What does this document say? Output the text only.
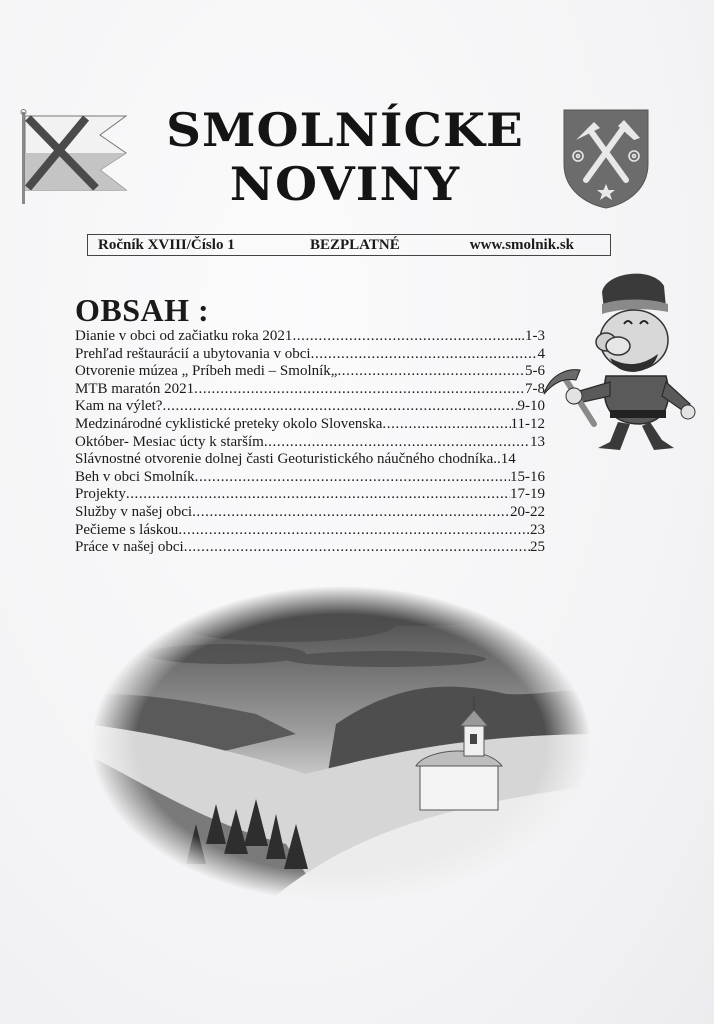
SMOLNÍCKE
NOVINY
Ročník XVIII/Číslo 1	BEZPLATNÉ	www.smolnik.sk
OBSAH :
Dianie v obci od začiatku roka 2021 .....	..1-3
Prehľad reštaurácií a ubytovania v obci .....	4
Otvorenie múzea „ Príbeh medi – Smolník„ .....	5-6
MTB maratón 2021 .....	7-8
Kam na výlet? .....	9-10
Medzinárodné cyklistické preteky okolo Slovenska .....	11-12
Október- Mesiac úcty k starším .....	13
Slávnostné otvorenie dolnej časti Geoturistického náučného chodníka ..14
Beh v obci Smolník .....	15-16
Projekty .....	17-19
Služby v našej obci .....	20-22
Pečieme s láskou .....	23
Práce v našej obci .....	25
